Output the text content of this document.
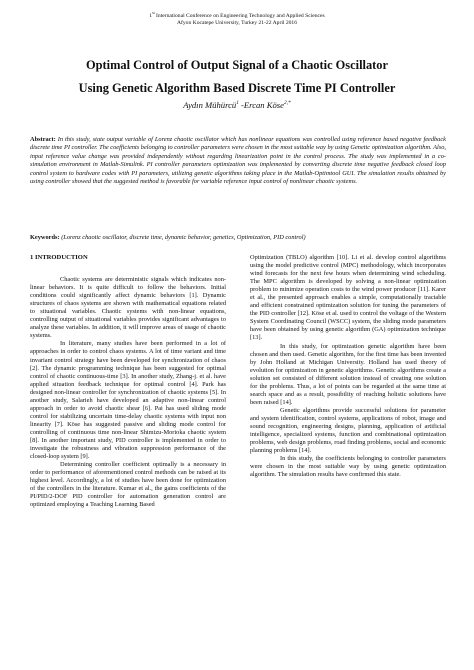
1st International Conference on Engineering Technology and Applied Sciences
Afyon Kocatepe University, Turkey 21-22 April 2016
Optimal Control of Output Signal of a Chaotic Oscillator
Using Genetic Algorithm Based Discrete Time PI Controller
Aydın Mühürcü$^1$ -Ercan Köse$^{2,*}$
Abstract: In this study, state output variable of Lorenz chaotic oscillator which has nonlinear equations was controlled using reference based negative feedback discrete time PI controller. The coefficients belonging to controller parameters were chosen in the most suitable way by using Genetic optimization algorithm. Also, input reference value change was provided independently without regarding linearization point in the control process. The study was implemented in a co-simulation environment in Matlab-Simulink. PI controller parameters optimization was implemented by converting discrete time negative feedback closed loop control system to hardware codes with PI parameters, utilizing genetic algorithms taking place in the Matlab-Optimtool GUI. The simulation results obtained by using controller showed that the suggested method is favorable for variable reference input control of nonlinear chaotic systems.
Keywords: (Lorenz chaotic oscillator, discrete time, dynamic behavior, genetics, Optimization, PID control)
1 INTRODUCTION

Chaotic systems are deterministic signals which indicates non-linear behaviors. It is quite difficult to follow the behaviors. Initial conditions could significantly affect dynamic behaviors [1]. Dynamic structures of chaos systems are shown with mathematical equations related to situational variables. Chaotic systems with non-linear equations, controlling output of situational variables provides significant advantages to analyze these variables. In addition, it will improve areas of usage of chaotic systems.

In literature, many studies have been performed in a lot of approaches in order to control chaos systems. A lot of time variant and time invariant control strategy have been developed for synchronization of chaos [2]. The dynamic programming technique has been suggested for optimal control of chaotic continuous-time [3]. In another study, Zhang-j. et al. have applied situation feedback technique for optimal control [4]. Park has designed non-linear controller for synchronization of chaotic systems [5]. In another study, Salarieh have developed an adaptive non-linear control approach in order to avoid chaotic shear [6]. Pai has used sliding mode control for stabilizing uncertain time-delay chaotic systems with input non linearity [7]. Köse has suggested passive and sliding mode control for controlling of continuous time non-linear Shimizu-Morioka chaotic system [8]. In another important study, PID controller is implemented in order to investigate the robustness and vibration suppression performance of the closed-loop system [9].

Determining controller coefficient optimally is a necessary in order to performance of aforementioned control methods can be raised at its highest level. Accordingly, a lot of studies have been done for optimization of the controllers in the literature. Kumar et al., the gains coefficients of the PI/PID/2-DOF PID controller for automation generation control are optimized employing a Teaching Learning Based

Optimization (TBLO) algorithm [10]. Li et al. develop control algorithms using the model predictive control (MPC) methodology, which incorporates wind forecasts for the next few hours when determining wind scheduling. The MPC algorithm is developed by solving a non-linear optimization problem to minimize operation costs to the wind power producer [11]. Karer et al., the presented approach enables a simple, computationally tractable and efficient constrained optimization solution for tuning the parameters of the PID controller [12]. Köse et al. used to control the voltage of the Western System Coordinating Council (WSCC) system, the sliding mode parameters have been obtained by using genetic algorithm (GA) optimization technique [13].

In this study, for optimization genetic algorithm have been chosen and then used. Genetic algorithm, for the first time has been invented by John Holland at Michigan University. Holland has used theory of evolution for optimization in genetic algorithms. Genetic algorithms create a solution set consisted of different solution instead of creating one solution for the problems. Thus, a lot of points can be regarded at the same time at search space and as a result, possibility of reaching holistic solutions have been raised [14].

Genetic algorithms provide successful solutions for parameter and system identification, control systems, applications of robot, image and sound recognition, engineering designs, planning, application of artificial intelligence, specialized systems, function and combinational optimization problems, web design problems, road finding problems, social and economic planning problems [14].

In this study, the coefficients belonging to controller parameters were chosen in the most suitable way by using genetic optimization algorithm. The simulation results have confirmed this state.
